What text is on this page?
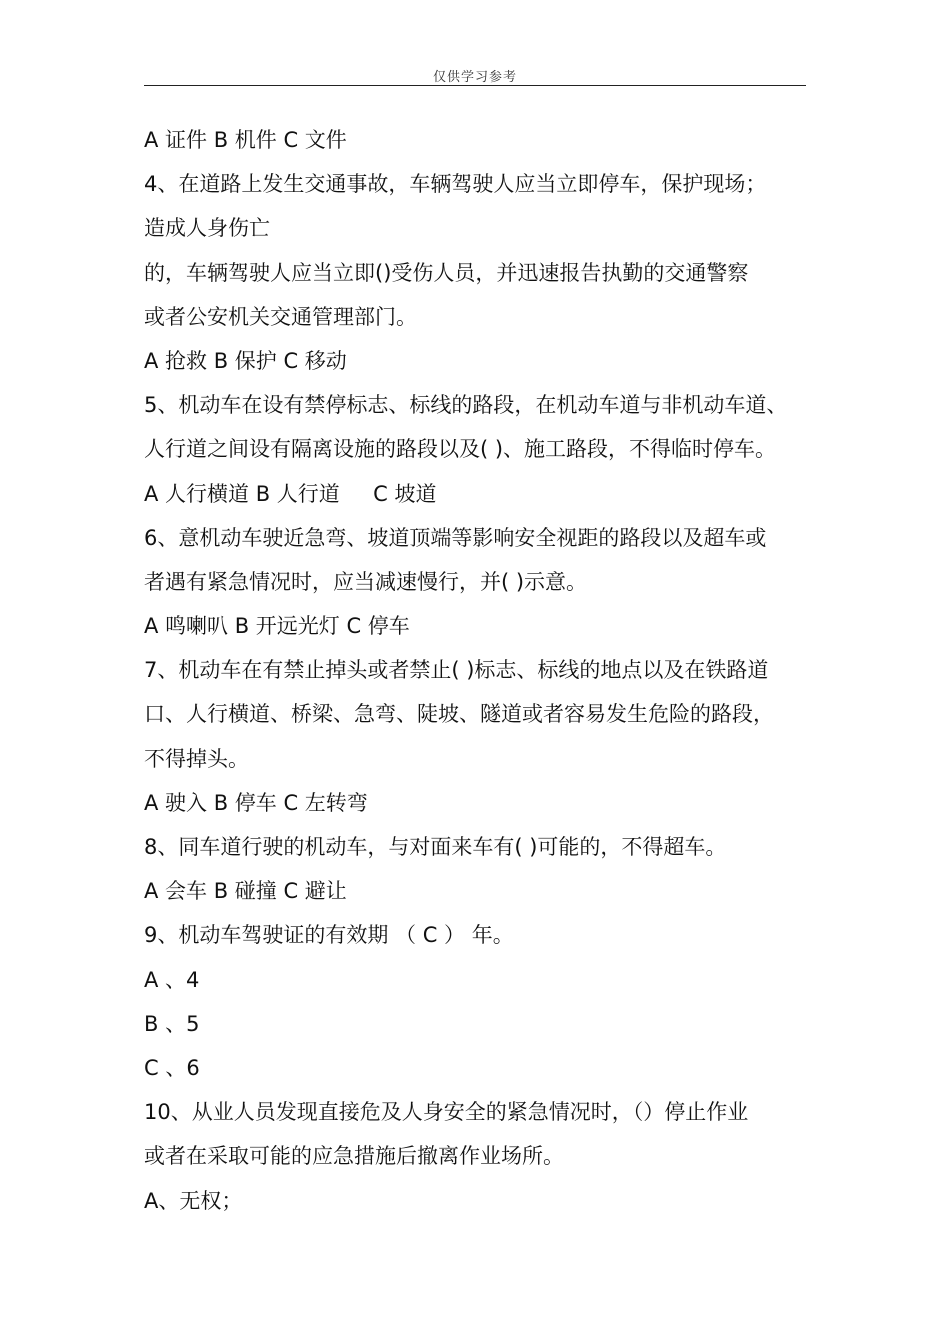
仅供学习参考
A 证件 B 机件 C 文件
4、在道路上发生交通事故，车辆驾驶人应当立即停车，保护现场；
造成人身伤亡
的，车辆驾驶人应当立即()受伤人员，并迅速报告执勤的交通警察
或者公安机关交通管理部门。
A 抢救 B 保护 C 移动
5、机动车在设有禁停标志、标线的路段，在机动车道与非机动车道、
人行道之间设有隔离设施的路段以及( )、施工路段，不得临时停车。
A 人行横道 B 人行道     C 坡道
6、意机动车驶近急弯、坡道顶端等影响安全视距的路段以及超车或
者遇有紧急情况时，应当减速慢行，并( )示意。
A 鸣喇叭 B 开远光灯 C 停车
7、机动车在有禁止掉头或者禁止( )标志、标线的地点以及在铁路道
口、人行横道、桥梁、急弯、陡坡、隧道或者容易发生危险的路段，
不得掉头。
A 驶入 B 停车 C 左转弯
8、同车道行驶的机动车，与对面来车有( )可能的，不得超车。
A 会车 B 碰撞 C 避让
9、机动车驾驶证的有效期 （ C ） 年。
A 、4
B 、5
C 、6
10、从业人员发现直接危及人身安全的紧急情况时，（）停止作业
或者在采取可能的应急措施后撤离作业场所。
A、无权；
